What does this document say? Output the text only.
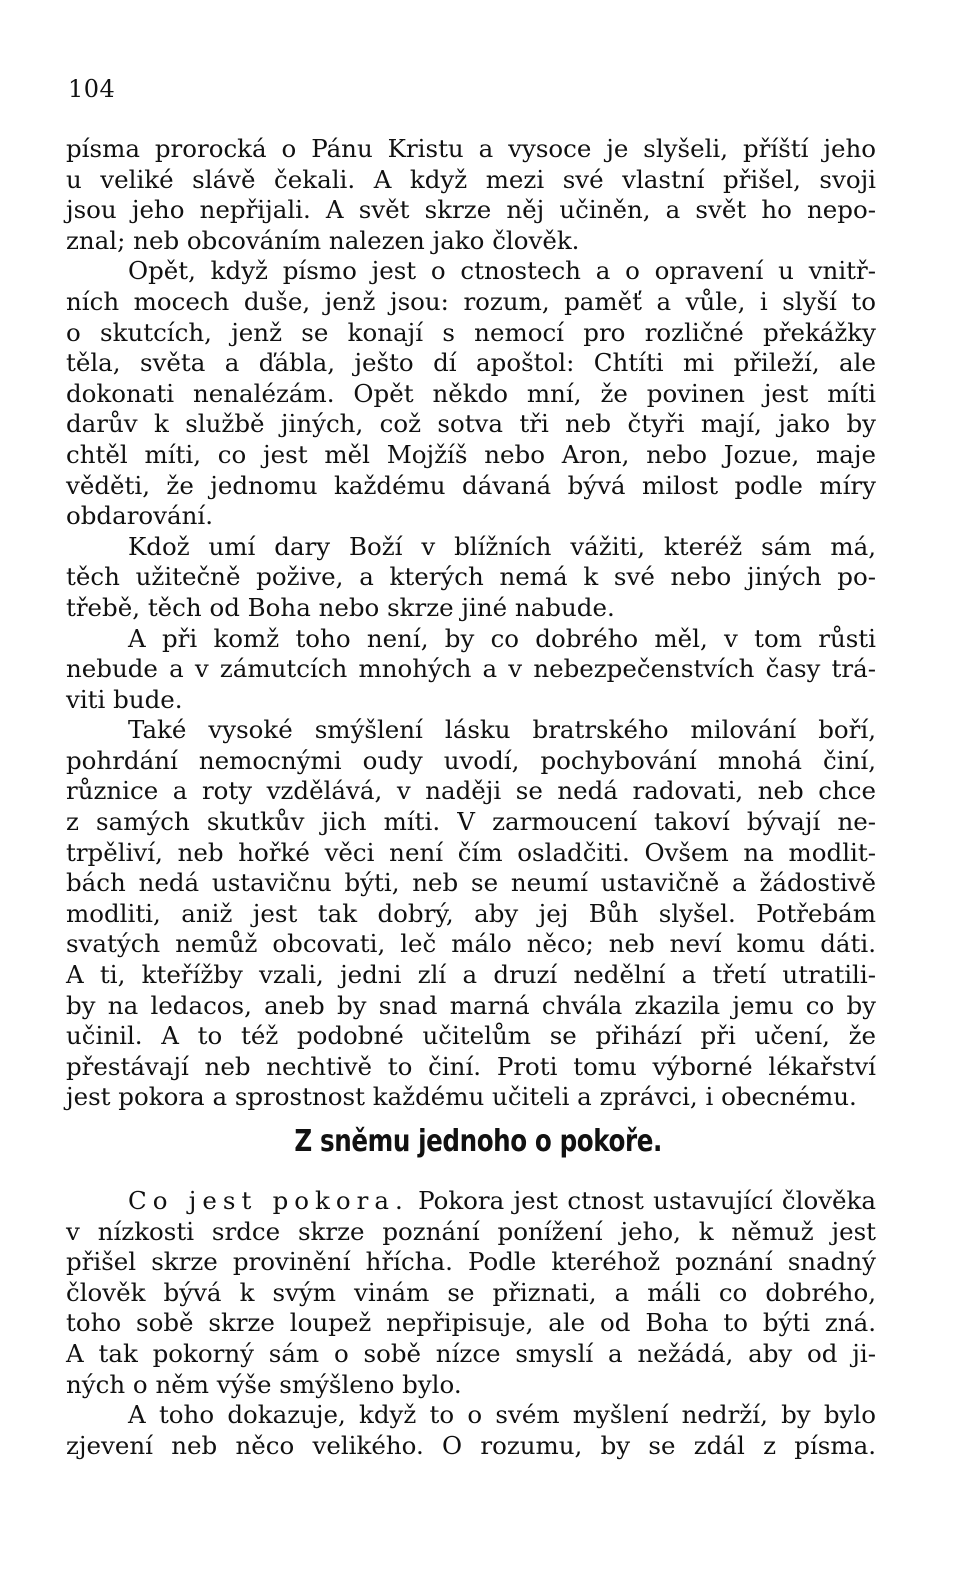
104
písma prorocká o Pánu Kristu a vysoce je slyšeli, příští jeho
u veliké slávě čekali. A když mezi své vlastní přišel, svoji
jsou jeho nepřijali. A svět skrze něj učiněn, a svět ho nepo-
znal; neb obcováním nalezen jako člověk.
Opět, když písmo jest o ctnostech a o opravení u vnitř-
ních mocech duše, jenž jsou: rozum, paměť a vůle, i slyší to
o skutcích, jenž se konají s nemocí pro rozličné překážky
těla, světa a ďábla, ješto dí apoštol: Chtíti mi přileží, ale
dokonati nenalézám. Opět někdo mní, že povinen jest míti
darův k službě jiných, což sotva tři neb čtyři mají, jako by
chtěl míti, co jest měl Mojžíš nebo Aron, nebo Jozue, maje
věděti, že jednomu každému dávaná bývá milost podle míry
obdarování.
Kdož umí dary Boží v blížních vážiti, kteréž sám má,
těch užitečně požive, a kterých nemá k své nebo jiných po-
třebě, těch od Boha nebo skrze jiné nabude.
A při komž toho není, by co dobrého měl, v tom růsti
nebude a v zámutcích mnohých a v nebezpečenstvích časy trá-
viti bude.
Také vysoké smýšlení lásku bratrského milování boří,
pohrdání nemocnými oudy uvodí, pochybování mnohá činí,
různice a roty vzdělává, v naději se nedá radovati, neb chce
z samých skutkův jich míti. V zarmoucení takoví bývají ne-
trpěliví, neb hořké věci není čím osladčiti. Ovšem na modlit-
bách nedá ustavičnu býti, neb se neumí ustavičně a žádostivě
modliti, aniž jest tak dobrý, aby jej Bůh slyšel. Potřebám
svatých nemůž obcovati, leč málo něco; neb neví komu dáti.
A ti, kteřížby vzali, jedni zlí a druzí nedělní a třetí utratili-
by na ledacos, aneb by snad marná chvála zkazila jemu co by
učinil. A to též podobné učitelům se přihází při učení, že
přestávají neb nechtivě to činí. Proti tomu výborné lékařství
jest pokora a sprostnost každému učiteli a zprávci, i obecnému.
Z sněmu jednoho o pokoře.
Co jest pokora. Pokora jest ctnost ustavující člověka
v nízkosti srdce skrze poznání ponížení jeho, k němuž jest
přišel skrze provinění hřícha. Podle kteréhož poznání snadný
člověk bývá k svým vinám se přiznati, a máli co dobrého,
toho sobě skrze loupež nepřipisuje, ale od Boha to býti zná.
A tak pokorný sám o sobě nízce smyslí a nežádá, aby od ji-
ných o něm výše smýšleno bylo.
A toho dokazuje, když to o svém myšlení nedrží, by bylo
zjevení neb něco velikého. O rozumu, by se zdál z písma.
